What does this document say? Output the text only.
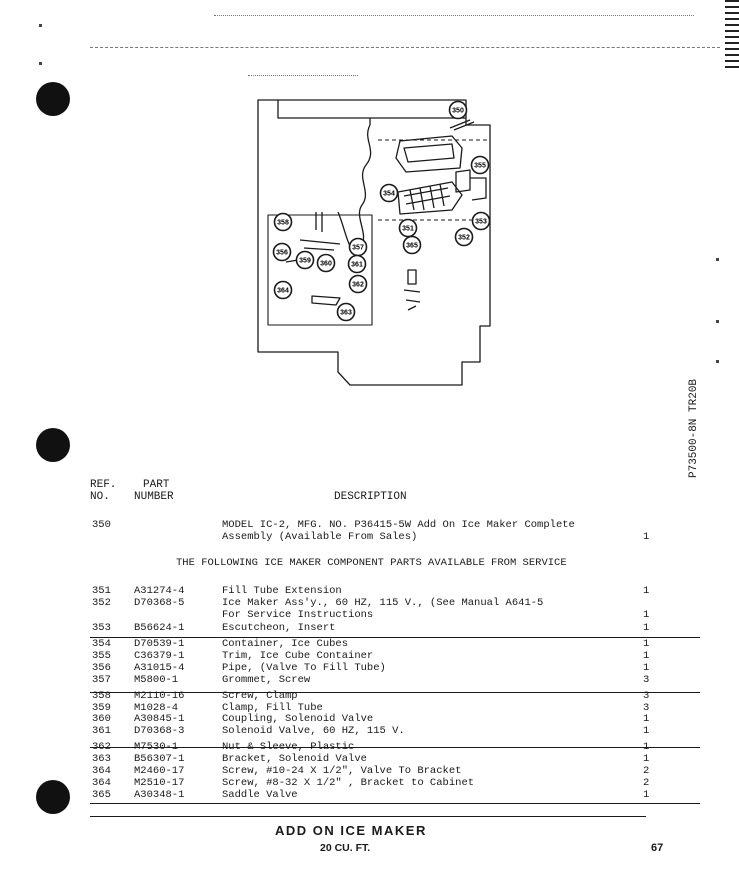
350
351
352
353
354
355
356
357
358
359 360	361
362
363
364
365
P73500-8N TR20B
REF.
NO.
PART
NUMBER	DESCRIPTION
350	MODEL IC-2, MFG. NO. P36415-5W Add On Ice Maker Complete
Assembly (Available From Sales)	1
THE FOLLOWING ICE MAKER COMPONENT PARTS AVAILABLE FROM SERVICE
351 A31274-4	Fill Tube Extension	1
352 D70368-5	Ice Maker Ass'y., 60 HZ, 115 V., (See Manual A641-5
For Service Instructions	1
353 B56624-1	Escutcheon, Insert	1
354 D70539-1	Container, Ice Cubes	1
355 C36379-1	Trim, Ice Cube Container	1
356 A31015-4	Pipe, (Valve To Fill Tube)	1
357 M5800-1	Grommet, Screw	3
358 M2110-16	Screw, Clamp	3
359 M1028-4	Clamp, Fill Tube	3
360 A30845-1	Coupling, Solenoid Valve	1
361 D70368-3	Solenoid Valve, 60 HZ, 115 V.	1
362 M7530-1	Nut & Sleeve, Plastic	1
363 B56307-1	Bracket, Solenoid Valve	1
364 M2460-17	Screw, #10-24 X 1/2", Valve To Bracket	2
364 M2510-17	Screw, #8-32 X 1/2" , Bracket to Cabinet	2
365 A30348-1	Saddle Valve	1
ADD ON ICE MAKER
20 CU. FT.	67
